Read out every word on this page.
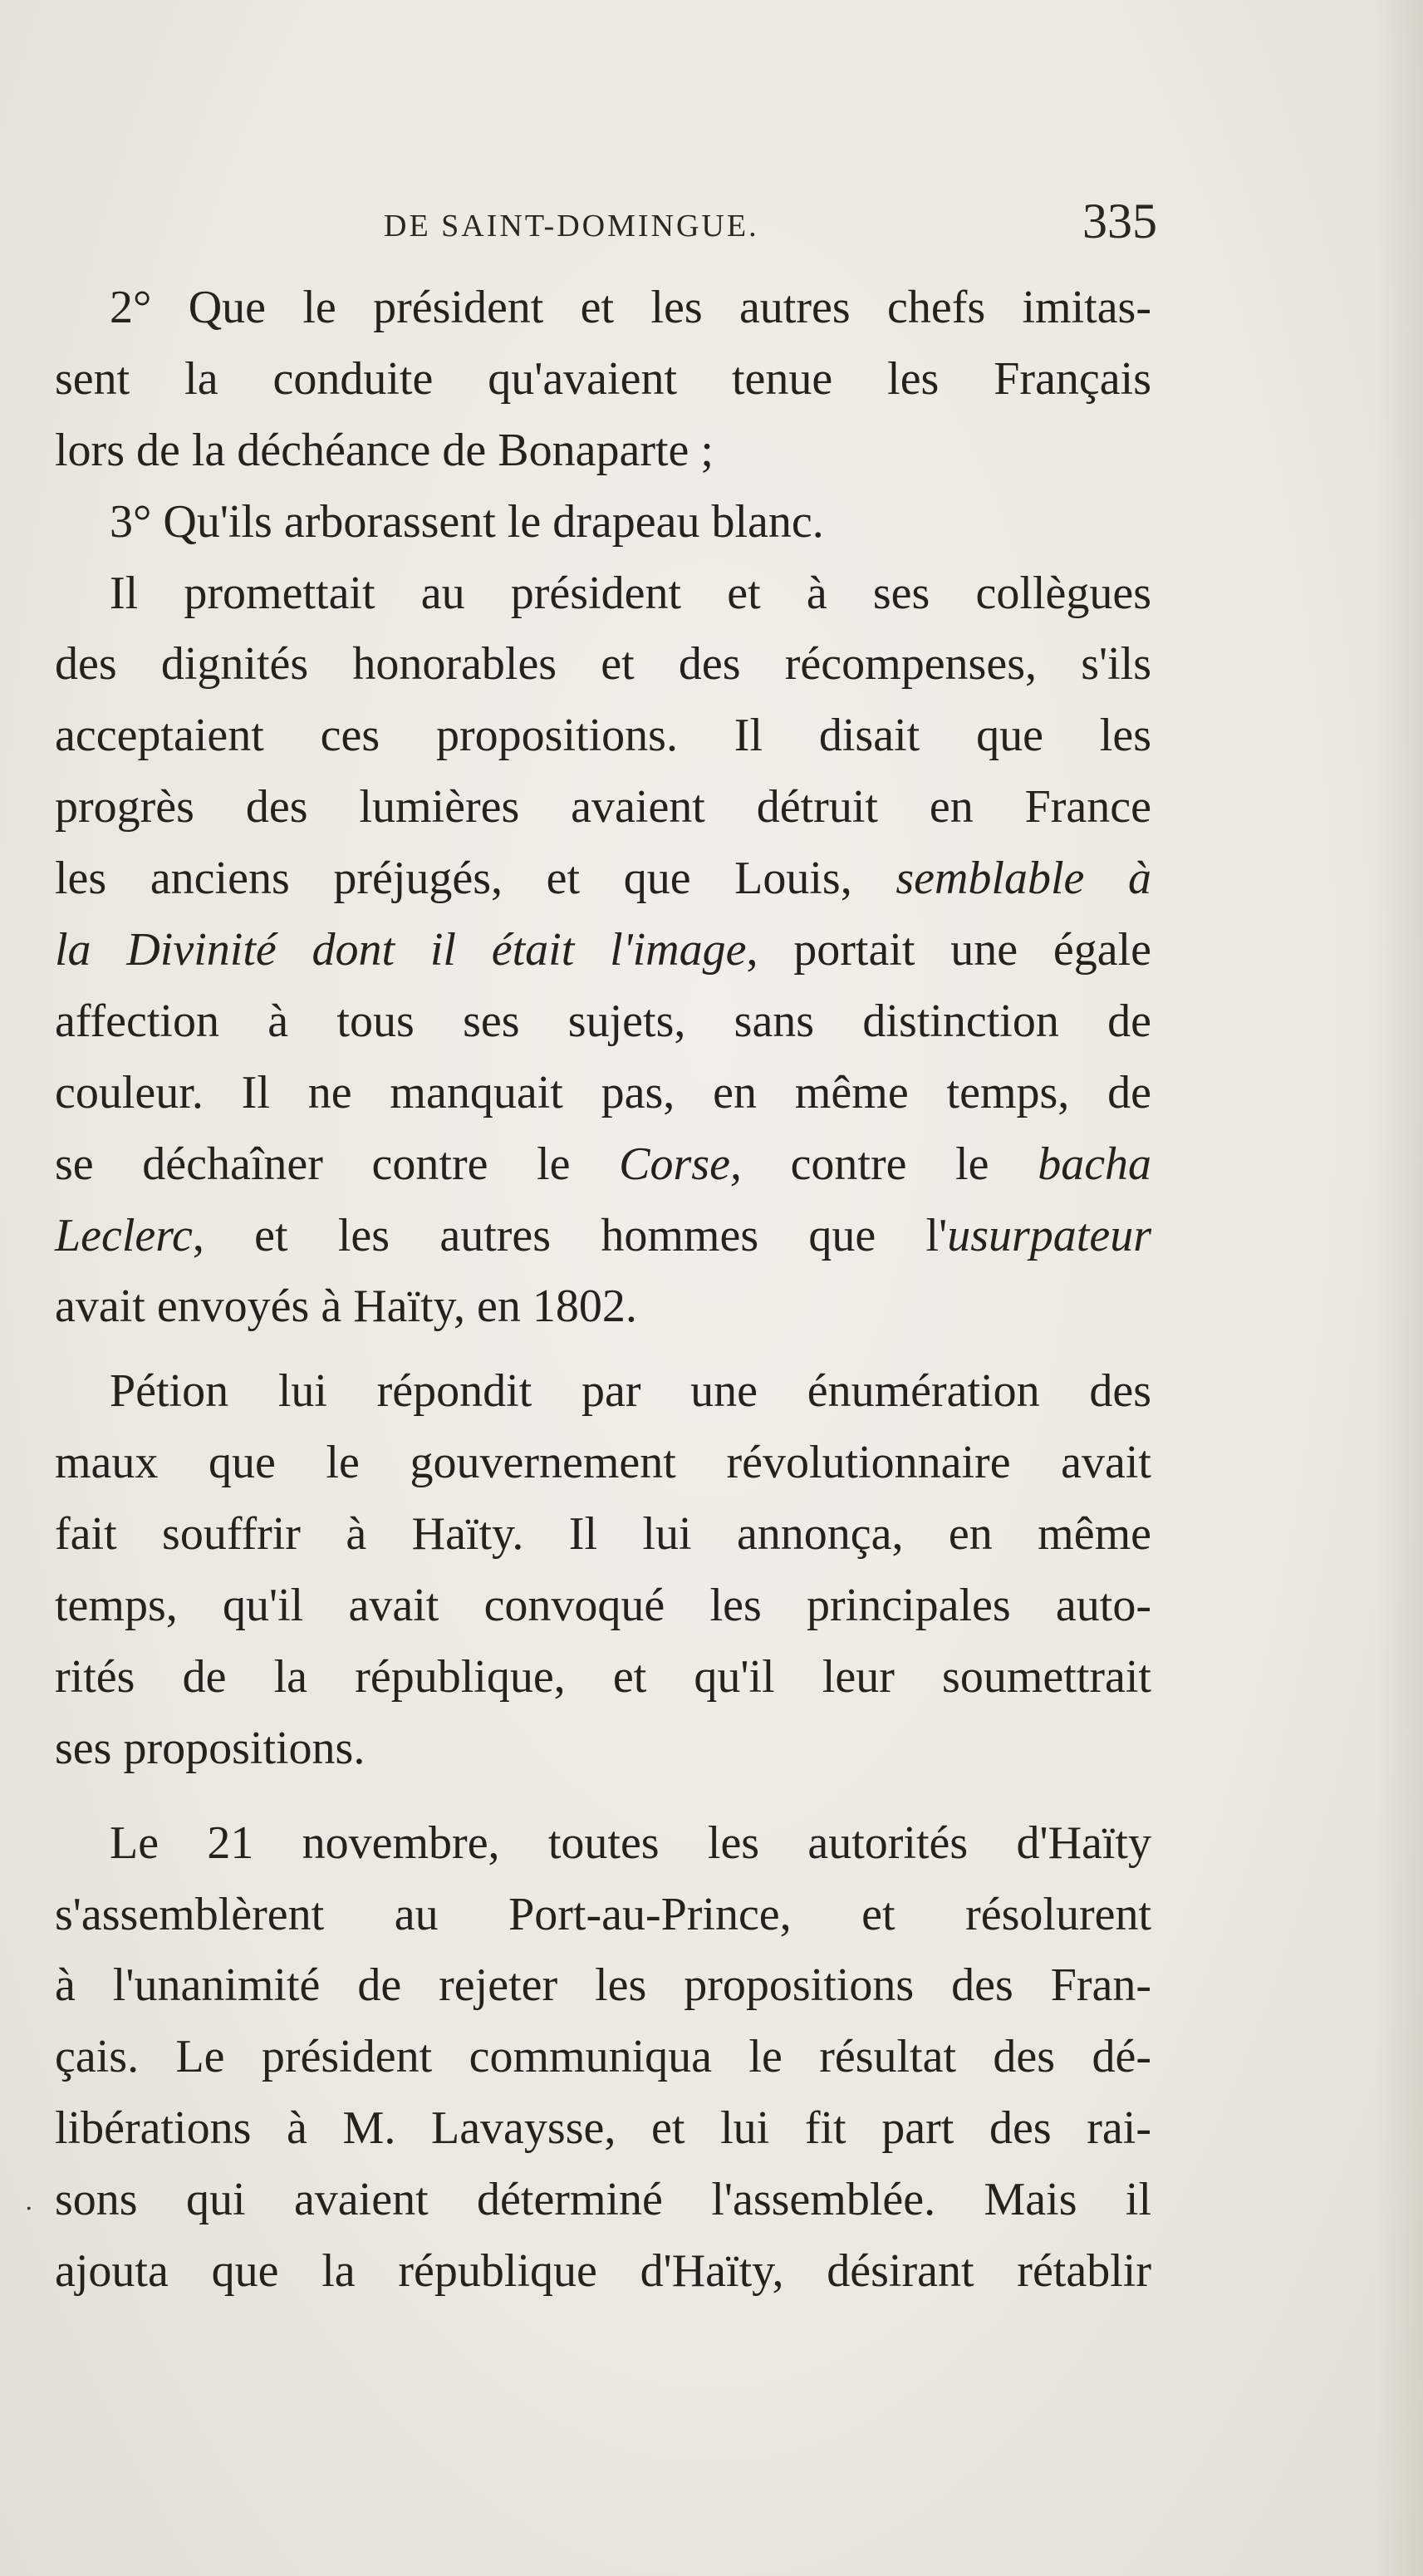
DE SAINT-DOMINGUE.	335
2° Que le président et les autres chefs imitas-
sent la conduite qu'avaient tenue les Français
lors de la déchéance de Bonaparte ;
3° Qu'ils arborassent le drapeau blanc.
Il promettait au président et à ses collègues
des dignités honorables et des récompenses, s'ils
acceptaient ces propositions. Il disait que les
progrès des lumières avaient détruit en France
les anciens préjugés, et que Louis, semblable à
la Divinité dont il était l'image, portait une égale
affection à tous ses sujets, sans distinction de
couleur. Il ne manquait pas, en même temps, de
se déchaîner contre le Corse, contre le bacha
Leclerc, et les autres hommes que l'usurpateur
avait envoyés à Haïty, en 1802.
Pétion lui répondit par une énumération des
maux que le gouvernement révolutionnaire avait
fait souffrir à Haïty. Il lui annonça, en même
temps, qu'il avait convoqué les principales auto-
rités de la république, et qu'il leur soumettrait
ses propositions.
Le 21 novembre, toutes les autorités d'Haïty
s'assemblèrent au Port-au-Prince, et résolurent
à l'unanimité de rejeter les propositions des Fran-
çais. Le président communiqua le résultat des dé-
libérations à M. Lavaysse, et lui fit part des rai-
sons qui avaient déterminé l'assemblée. Mais il
ajouta que la république d'Haïty, désirant rétablir
.
